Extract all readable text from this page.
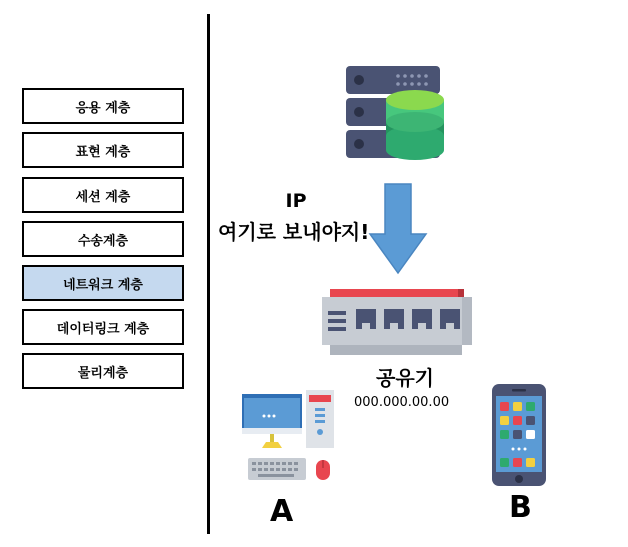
응용 계층
표현 계층
세션 계층
수송계층
네트워크 계층
데이터링크 계층
물리계층
IP
여기로 보내야지!
공유기
000.000.00.00
A	B
